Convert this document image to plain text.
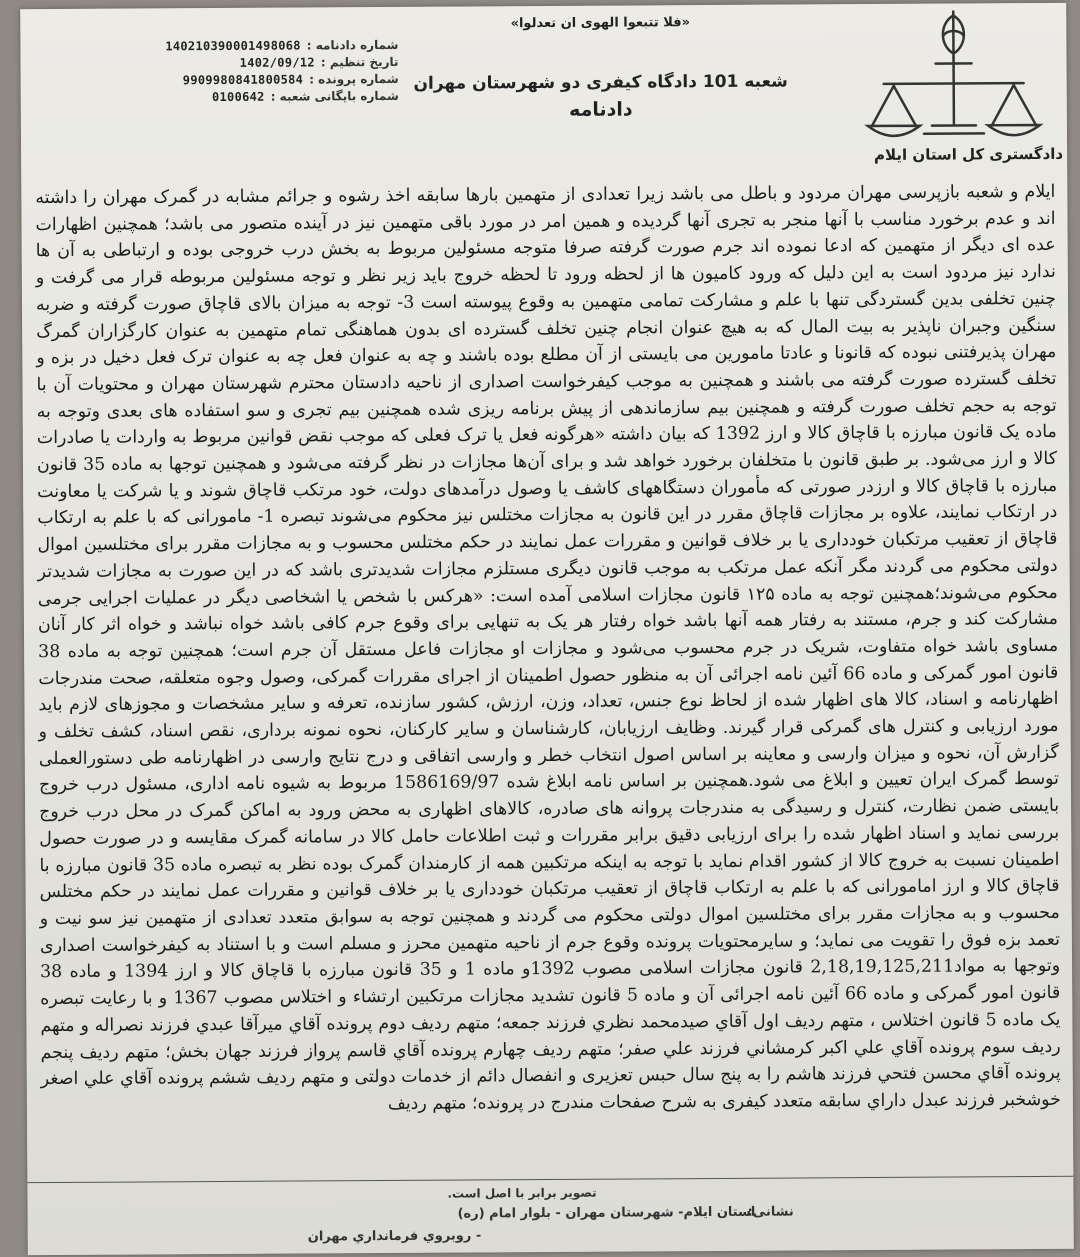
دادگستری کل استان ایلام
«فلا تتبعوا الهوى ان تعدلوا»
شعبه 101 دادگاه کیفری دو شهرستان مهران
دادنامه
شماره دادنامه :
140210390001498068
تاریخ تنظیم :
1402/09/12
شماره پرونده :
9909980841800584
شماره بایگانی شعبه :
0100642

ایلام و شعبه بازپرسی مهران مردود و باطل می باشد زیرا تعدادی از متهمین بارها سابقه اخذ رشوه و جرائم مشابه در گمرک مهران را داشته اند و عدم برخورد مناسب با آنها منجر به تجری آنها گردیده و همین امر در مورد باقی متهمین نیز در آینده متصور می باشد؛ همچنین اظهارات عده ای دیگر از متهمین که ادعا نموده اند جرم صورت گرفته صرفا متوجه مسئولین مربوط به بخش درب خروجی بوده و ارتباطی به آن ها ندارد نیز مردود است به این دلیل که ورود کامیون ها از لحظه ورود تا لحظه خروج باید زیر نظر و توجه مسئولین مربوطه قرار می گرفت و چنین تخلفی بدین گستردگی تنها با علم و مشارکت تمامی متهمین به وقوع پیوسته است 3- توجه به میزان بالای قاچاق صورت گرفته و ضربه سنگین وجبران ناپذیر به بیت المال که به هیچ عنوان انجام چنین تخلف گسترده ای بدون هماهنگی تمام متهمین به عنوان کارگزاران گمرگ مهران پذیرفتنی نبوده که قانونا و عادتا مامورین می بایستی از آن مطلع بوده باشند و چه به عنوان فعل چه به عنوان ترک فعل دخیل در بزه و تخلف گسترده صورت گرفته می باشند و همچنین به موجب کیفرخواست اصداری از ناحیه دادستان محترم شهرستان مهران و محتویات آن با توجه به حجم تخلف صورت گرفته و همچنین بیم سازماندهی از پیش برنامه ریزی شده همچنین بیم تجری و سو استفاده های بعدی وتوجه به ماده یک قانون مبارزه با قاچاق کالا و ارز 1392 که بیان داشته «هرگونه فعل یا ترک فعلی که موجب نقض قوانین مربوط به واردات یا صادرات کالا و ارز می‌شود. بر طبق قانون با متخلفان برخورد خواهد شد و برای آن‌ها مجازات در نظر گرفته می‌شود و همچنین توجها به ماده 35 قانون مبارزه با قاچاق کالا و ارزدر صورتی که مأموران دستگاههای کاشف یا وصول درآمدهای دولت، خود مرتکب قاچاق شوند و یا شرکت یا معاونت در ارتکاب نمایند، علاوه بر مجازات قاچاق مقرر در این قانون به مجازات مختلس نیز محکوم می‌شوند تبصره 1- مامورانی که با علم به ارتکاب قاچاق از تعقیب مرتکبان خودداری یا بر خلاف قوانین و مقررات عمل نمایند در حکم مختلس محسوب و به مجازات مقرر برای مختلسین اموال دولتی محکوم می گردند مگر آنکه عمل مرتکب به موجب قانون دیگری مستلزم مجازات شدیدتری باشد که در این صورت به مجازات شدیدتر محکوم می‌شوند؛همچنین توجه به ماده ۱۲۵ قانون مجازات اسلامی آمده است: «هرکس با شخص یا اشخاصی دیگر در عملیات اجرایی جرمی مشارکت کند و جرم، مستند به رفتار همه آنها باشد خواه رفتار هر یک به تنهایی برای وقوع جرم کافی باشد خواه نباشد و خواه اثر کار آنان مساوی باشد خواه متفاوت، شریک در جرم محسوب می‌شود و مجازات او مجازات فاعل مستقل آن جرم است؛ همچنین توجه به ماده 38 قانون امور گمرکی و ماده 66 آئین نامه اجرائی آن به منظور حصول اطمینان از اجرای مقررات گمرکی، وصول وجوه متعلقه، صحت مندرجات اظهارنامه و اسناد، کالا های اظهار شده از لحاظ نوع جنس، تعداد، وزن، ارزش، کشور سازنده، تعرفه و سایر مشخصات و مجوزهای لازم باید مورد ارزیابی و کنترل های گمرکی قرار گیرند. وظایف ارزیابان، کارشناسان و سایر کارکنان، نحوه نمونه برداری، نقص اسناد، کشف تخلف و گزارش آن، نحوه و میزان وارسی و معاینه بر اساس اصول انتخاب خطر و وارسی اتفاقی و درج نتایج وارسی در اظهارنامه طی دستورالعملی توسط گمرک ایران تعیین و ابلاغ می شود.همچنین بر اساس نامه ابلاغ شده 1586169/97 مربوط به شیوه نامه اداری، مسئول درب خروج بایستی ضمن نظارت، کنترل و رسیدگی به مندرجات پروانه های صادره، کالاهای اظهاری به محض ورود به اماکن گمرک در محل درب خروج بررسی نماید و اسناد اظهار شده را برای ارزیابی دقیق برابر مقررات و ثبت اطلاعات حامل کالا در سامانه گمرک مقایسه و در صورت حصول اطمینان نسبت به خروج کالا از کشور اقدام نماید با توجه به اینکه مرتکبین همه از کارمندان گمرک بوده نظر به تبصره ماده 35 قانون مبارزه با قاچاق کالا و ارز امامورانی که با علم به ارتکاب قاچاق از تعقیب مرتکبان خودداری یا بر خلاف قوانین و مقررات عمل نمایند در حکم مختلس محسوب و به مجازات مقرر برای مختلسین اموال دولتی محکوم می گردند و همچنین توجه به سوابق متعدد تعدادی از متهمین نیز سو نیت و تعمد بزه فوق را تقویت می نماید؛ و سایرمحتویات پرونده وقوع جرم از ناحیه متهمین محرز و مسلم است و با استناد به کیفرخواست اصداری وتوجها به مواد2,18,19,125,211 قانون مجازات اسلامی مصوب 1392و ماده 1 و 35 قانون مبارزه با قاچاق کالا و ارز 1394 و ماده 38 قانون امور گمرکی و ماده 66 آئین نامه اجرائی آن و ماده 5 قانون تشدید مجازات مرتکبین ارتشاء و اختلاس مصوب 1367 و با رعایت تبصره یک ماده 5 قانون اختلاس ، متهم ردیف اول آقاي صیدمحمد نظري فرزند جمعه؛ متهم ردیف دوم پرونده آقاي میرآقا عبدي فرزند نصراله و متهم ردیف سوم پرونده آقاي علي اکبر کرمشاني فرزند علي صفر؛ متهم ردیف چهارم پرونده آقاي قاسم پرواز فرزند جهان بخش؛ متهم ردیف پنجم پرونده آقاي محسن فتحي فرزند هاشم را به پنج سال حبس تعزیری و انفصال دائم از خدمات دولتی و متهم ردیف ششم پرونده آقاي علي اصغر خوشخبر فرزند عبدل داراي سابقه متعدد کیفری به شرح صفحات مندرج در پرونده؛ متهم ردیف

تصویر برابر با اصل است.
نشانی:
استان ایلام- شهرستان مهران - بلوار امام (ره)
- روبروي فرمانداري مهران
